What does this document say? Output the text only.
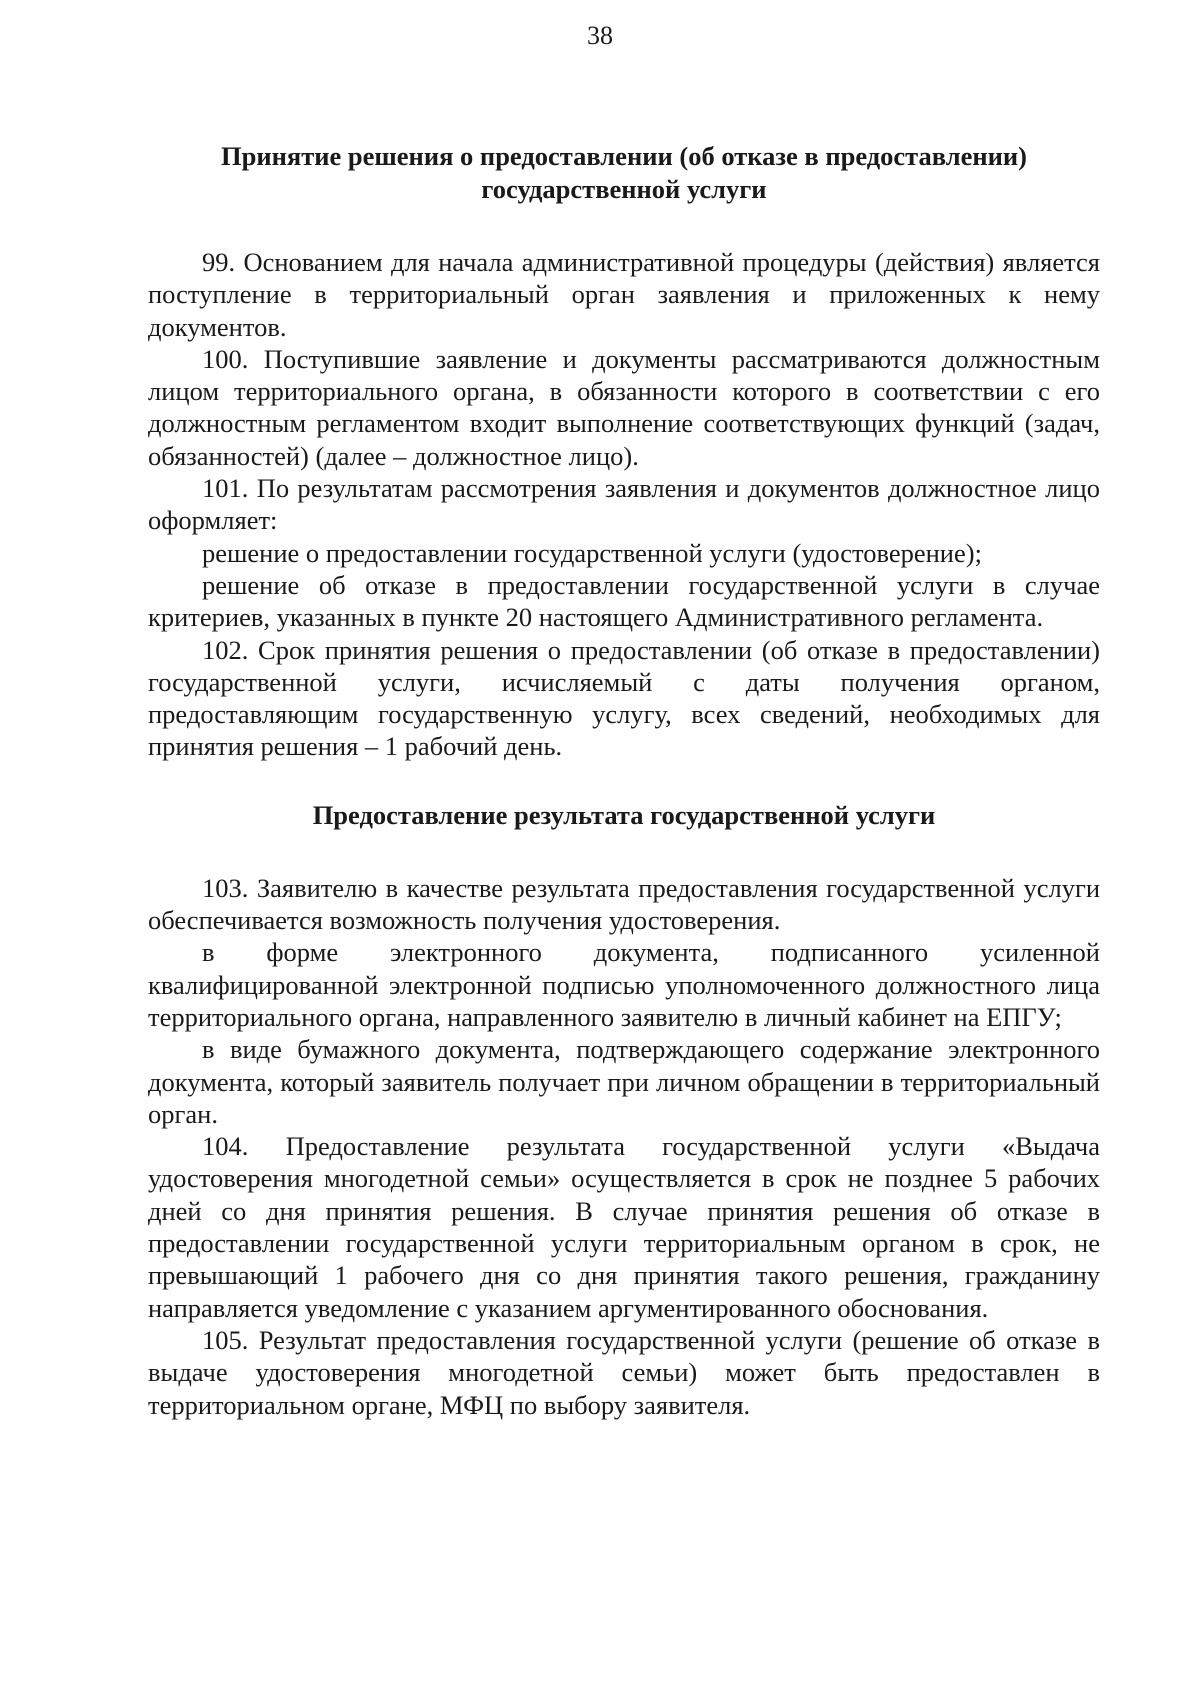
38
Принятие решения о предоставлении (об отказе в предоставлении) государственной услуги

99. Основанием для начала административной процедуры (действия) является поступление в территориальный орган заявления и приложенных к нему документов.

100. Поступившие заявление и документы рассматриваются должностным лицом территориального органа, в обязанности которого в соответствии с его должностным регламентом входит выполнение соответствующих функций (задач, обязанностей) (далее – должностное лицо).

101. По результатам рассмотрения заявления и документов должностное лицо оформляет:

решение о предоставлении государственной услуги (удостоверение);

решение об отказе в предоставлении государственной услуги в случае критериев, указанных в пункте 20 настоящего Административного регламента.

102. Срок принятия решения о предоставлении (об отказе в предоставлении) государственной услуги, исчисляемый с даты получения органом, предоставляющим государственную услугу, всех сведений, необходимых для принятия решения – 1 рабочий день.

Предоставление результата государственной услуги

103. Заявителю в качестве результата предоставления государственной услуги обеспечивается возможность получения удостоверения.

в форме электронного документа, подписанного усиленной квалифицированной электронной подписью уполномоченного должностного лица территориального органа, направленного заявителю в личный кабинет на ЕПГУ;

в виде бумажного документа, подтверждающего содержание электронного документа, который заявитель получает при личном обращении в территориальный орган.

104. Предоставление результата государственной услуги «Выдача удостоверения многодетной семьи» осуществляется в срок не позднее 5 рабочих дней со дня принятия решения. В случае принятия решения об отказе в предоставлении государственной услуги территориальным органом в срок, не превышающий 1 рабочего дня со дня принятия такого решения, гражданину направляется уведомление с указанием аргументированного обоснования.

105. Результат предоставления государственной услуги (решение об отказе в выдаче удостоверения многодетной семьи) может быть предоставлен в территориальном органе, МФЦ по выбору заявителя.
